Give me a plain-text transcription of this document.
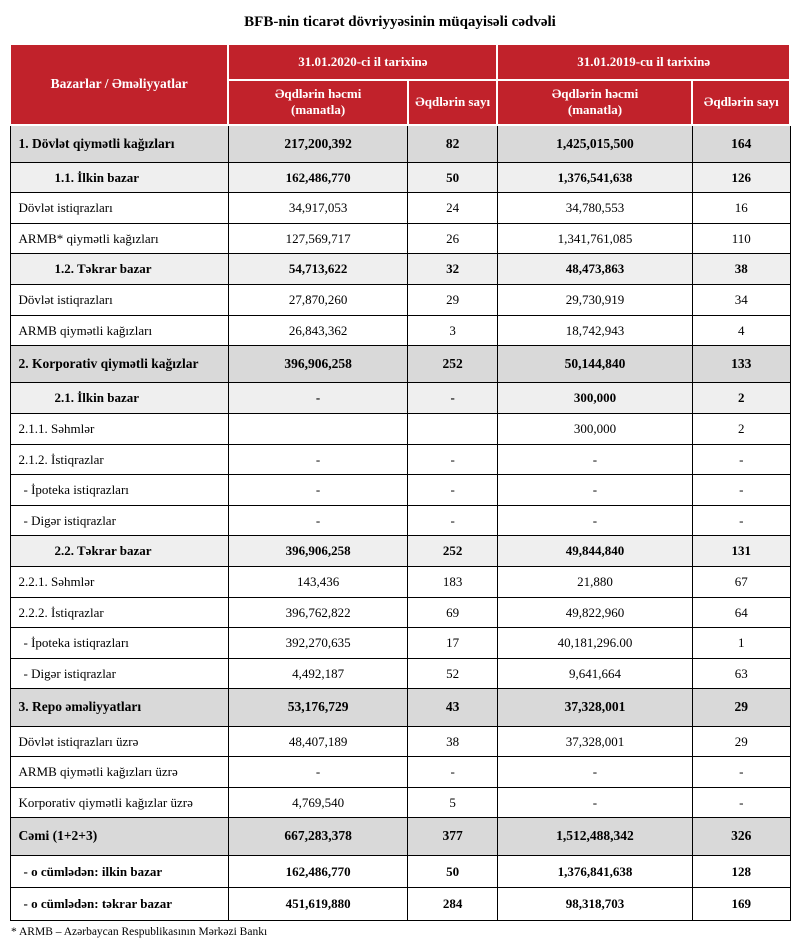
BFB-nin ticarət dövriyyəsinin müqayisəli cədvəli
Bazarlar / Əməliyyatlar	31.01.2020-ci il tarixinə		31.01.2019-cu il tarixinə	
	Əqdlərin həcmi (manatla)	Əqdlərin sayı	Əqdlərin həcmi (manatla)	Əqdlərin sayı
1. Dövlət qiymətli kağızları	217,200,392	82	1,425,015,500	164
1.1. İlkin bazar	162,486,770	50	1,376,541,638	126
Dövlət istiqrazları	34,917,053	24	34,780,553	16
ARMB* qiymətli kağızları	127,569,717	26	1,341,761,085	110
1.2. Təkrar bazar	54,713,622	32	48,473,863	38
Dövlət istiqrazları	27,870,260	29	29,730,919	34
ARMB qiymətli kağızları	26,843,362	3	18,742,943	4
2. Korporativ qiymətli kağızlar	396,906,258	252	50,144,840	133
2.1. İlkin bazar	-	-	300,000	2
2.1.1. Səhmlər			300,000	2
2.1.2. İstiqrazlar	-	-	-	-
- İpoteka istiqrazları	-	-	-	-
- Digər istiqrazlar	-	-	-	-
2.2. Təkrar bazar	396,906,258	252	49,844,840	131
2.2.1. Səhmlər	143,436	183	21,880	67
2.2.2. İstiqrazlar	396,762,822	69	49,822,960	64
- İpoteka istiqrazları	392,270,635	17	40,181,296.00	1
- Digər istiqrazlar	4,492,187	52	9,641,664	63
3. Repo əməliyyatları	53,176,729	43	37,328,001	29
Dövlət istiqrazları üzrə	48,407,189	38	37,328,001	29
ARMB qiymətli kağızları üzrə	-	-	-	-
Korporativ qiymətli kağızlar üzrə	4,769,540	5	-	-
Cəmi (1+2+3)	667,283,378	377	1,512,488,342	326
- o cümlədən: ilkin bazar	162,486,770	50	1,376,841,638	128
- o cümlədən: təkrar bazar	451,619,880	284	98,318,703	169
* ARMB – Azərbaycan Respublikasının Mərkəzi Bankı
